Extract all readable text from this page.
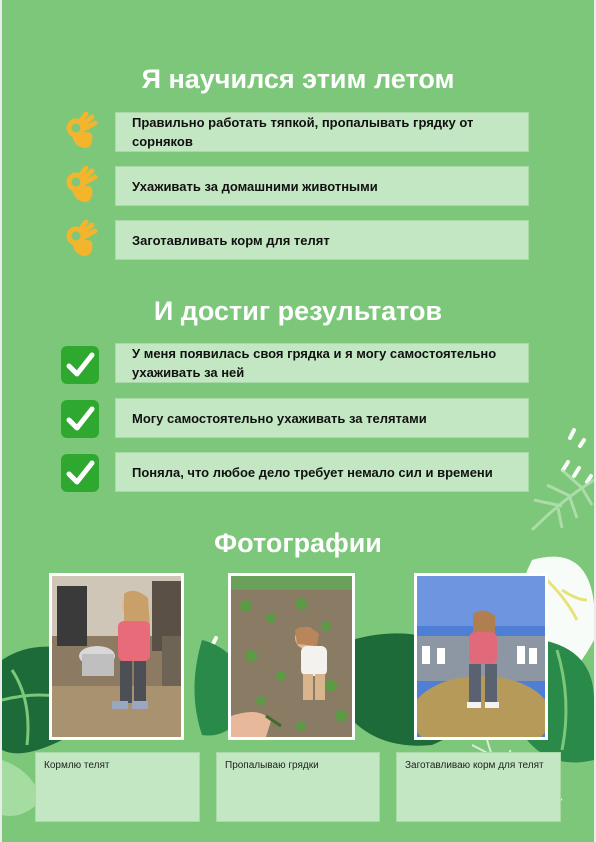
Я научился этим летом
Правильно работать тяпкой, пропалывать грядку от сорняков
Ухаживать за домашними животными
Заготавливать корм для телят
И достиг результатов
У меня появилась своя грядка и я могу самостоятельно ухаживать за ней
Могу самостоятельно ухаживать за телятами
Поняла, что любое дело требует немало сил и времени
Фотографии
Кормлю телят	Пропалываю грядки	Заготавливаю корм для телят
